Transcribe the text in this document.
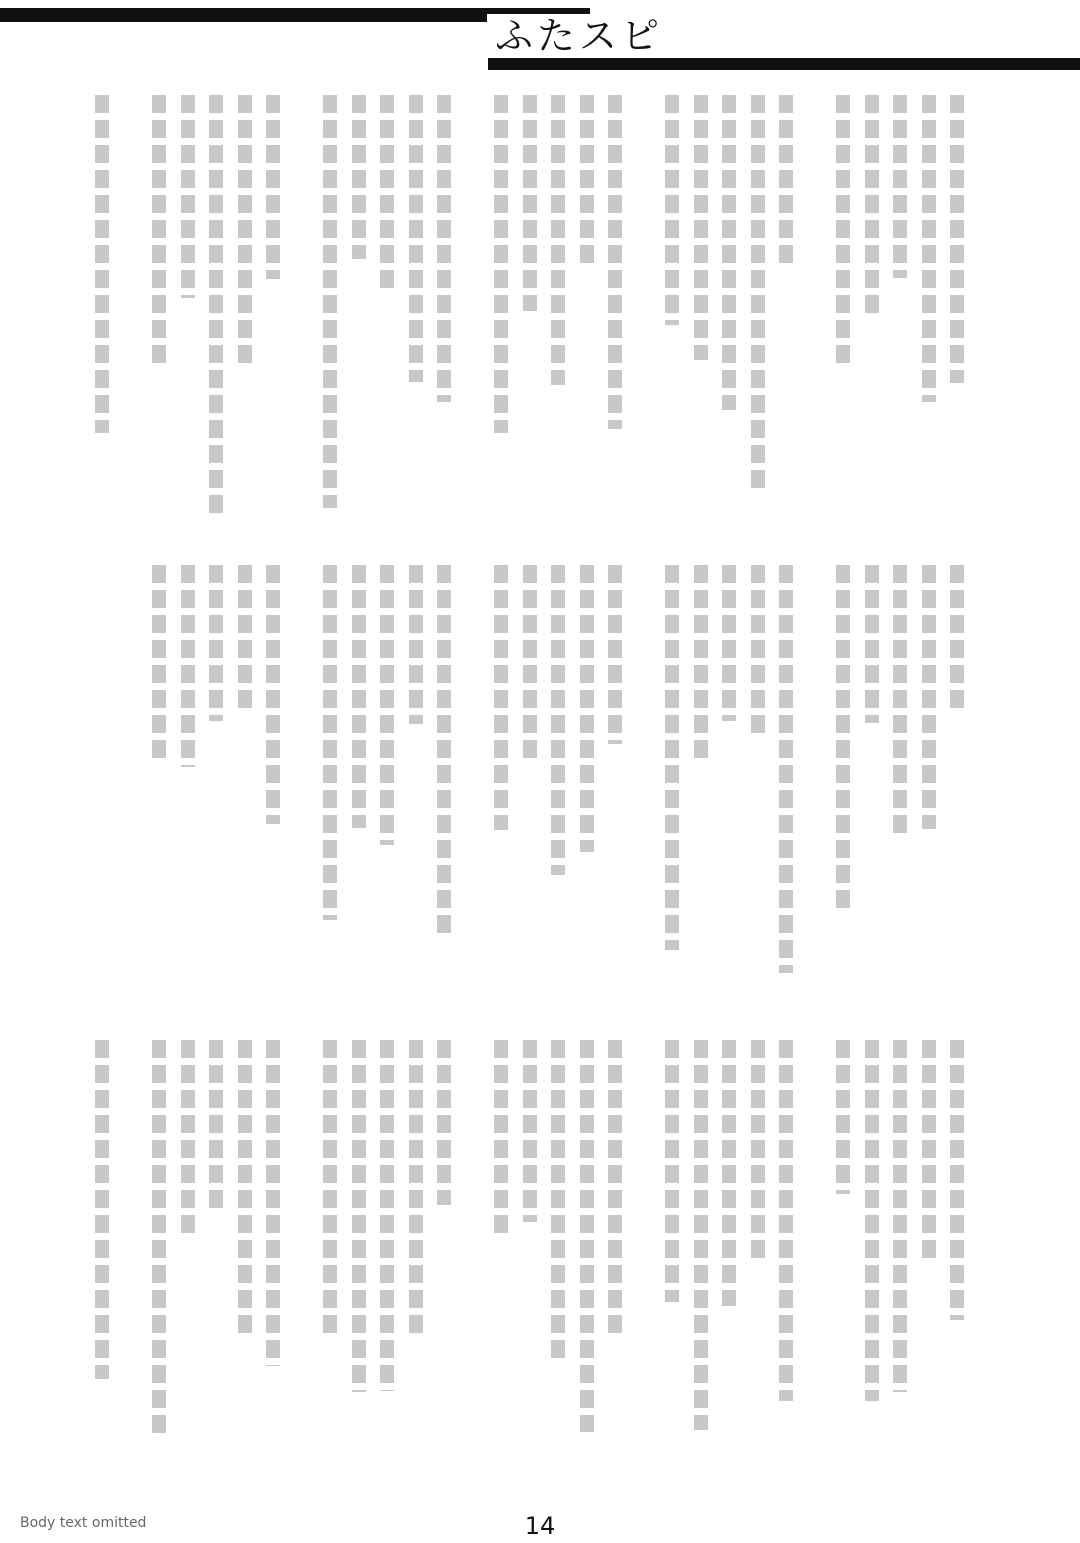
ふたスピ
Body text omitted	14
